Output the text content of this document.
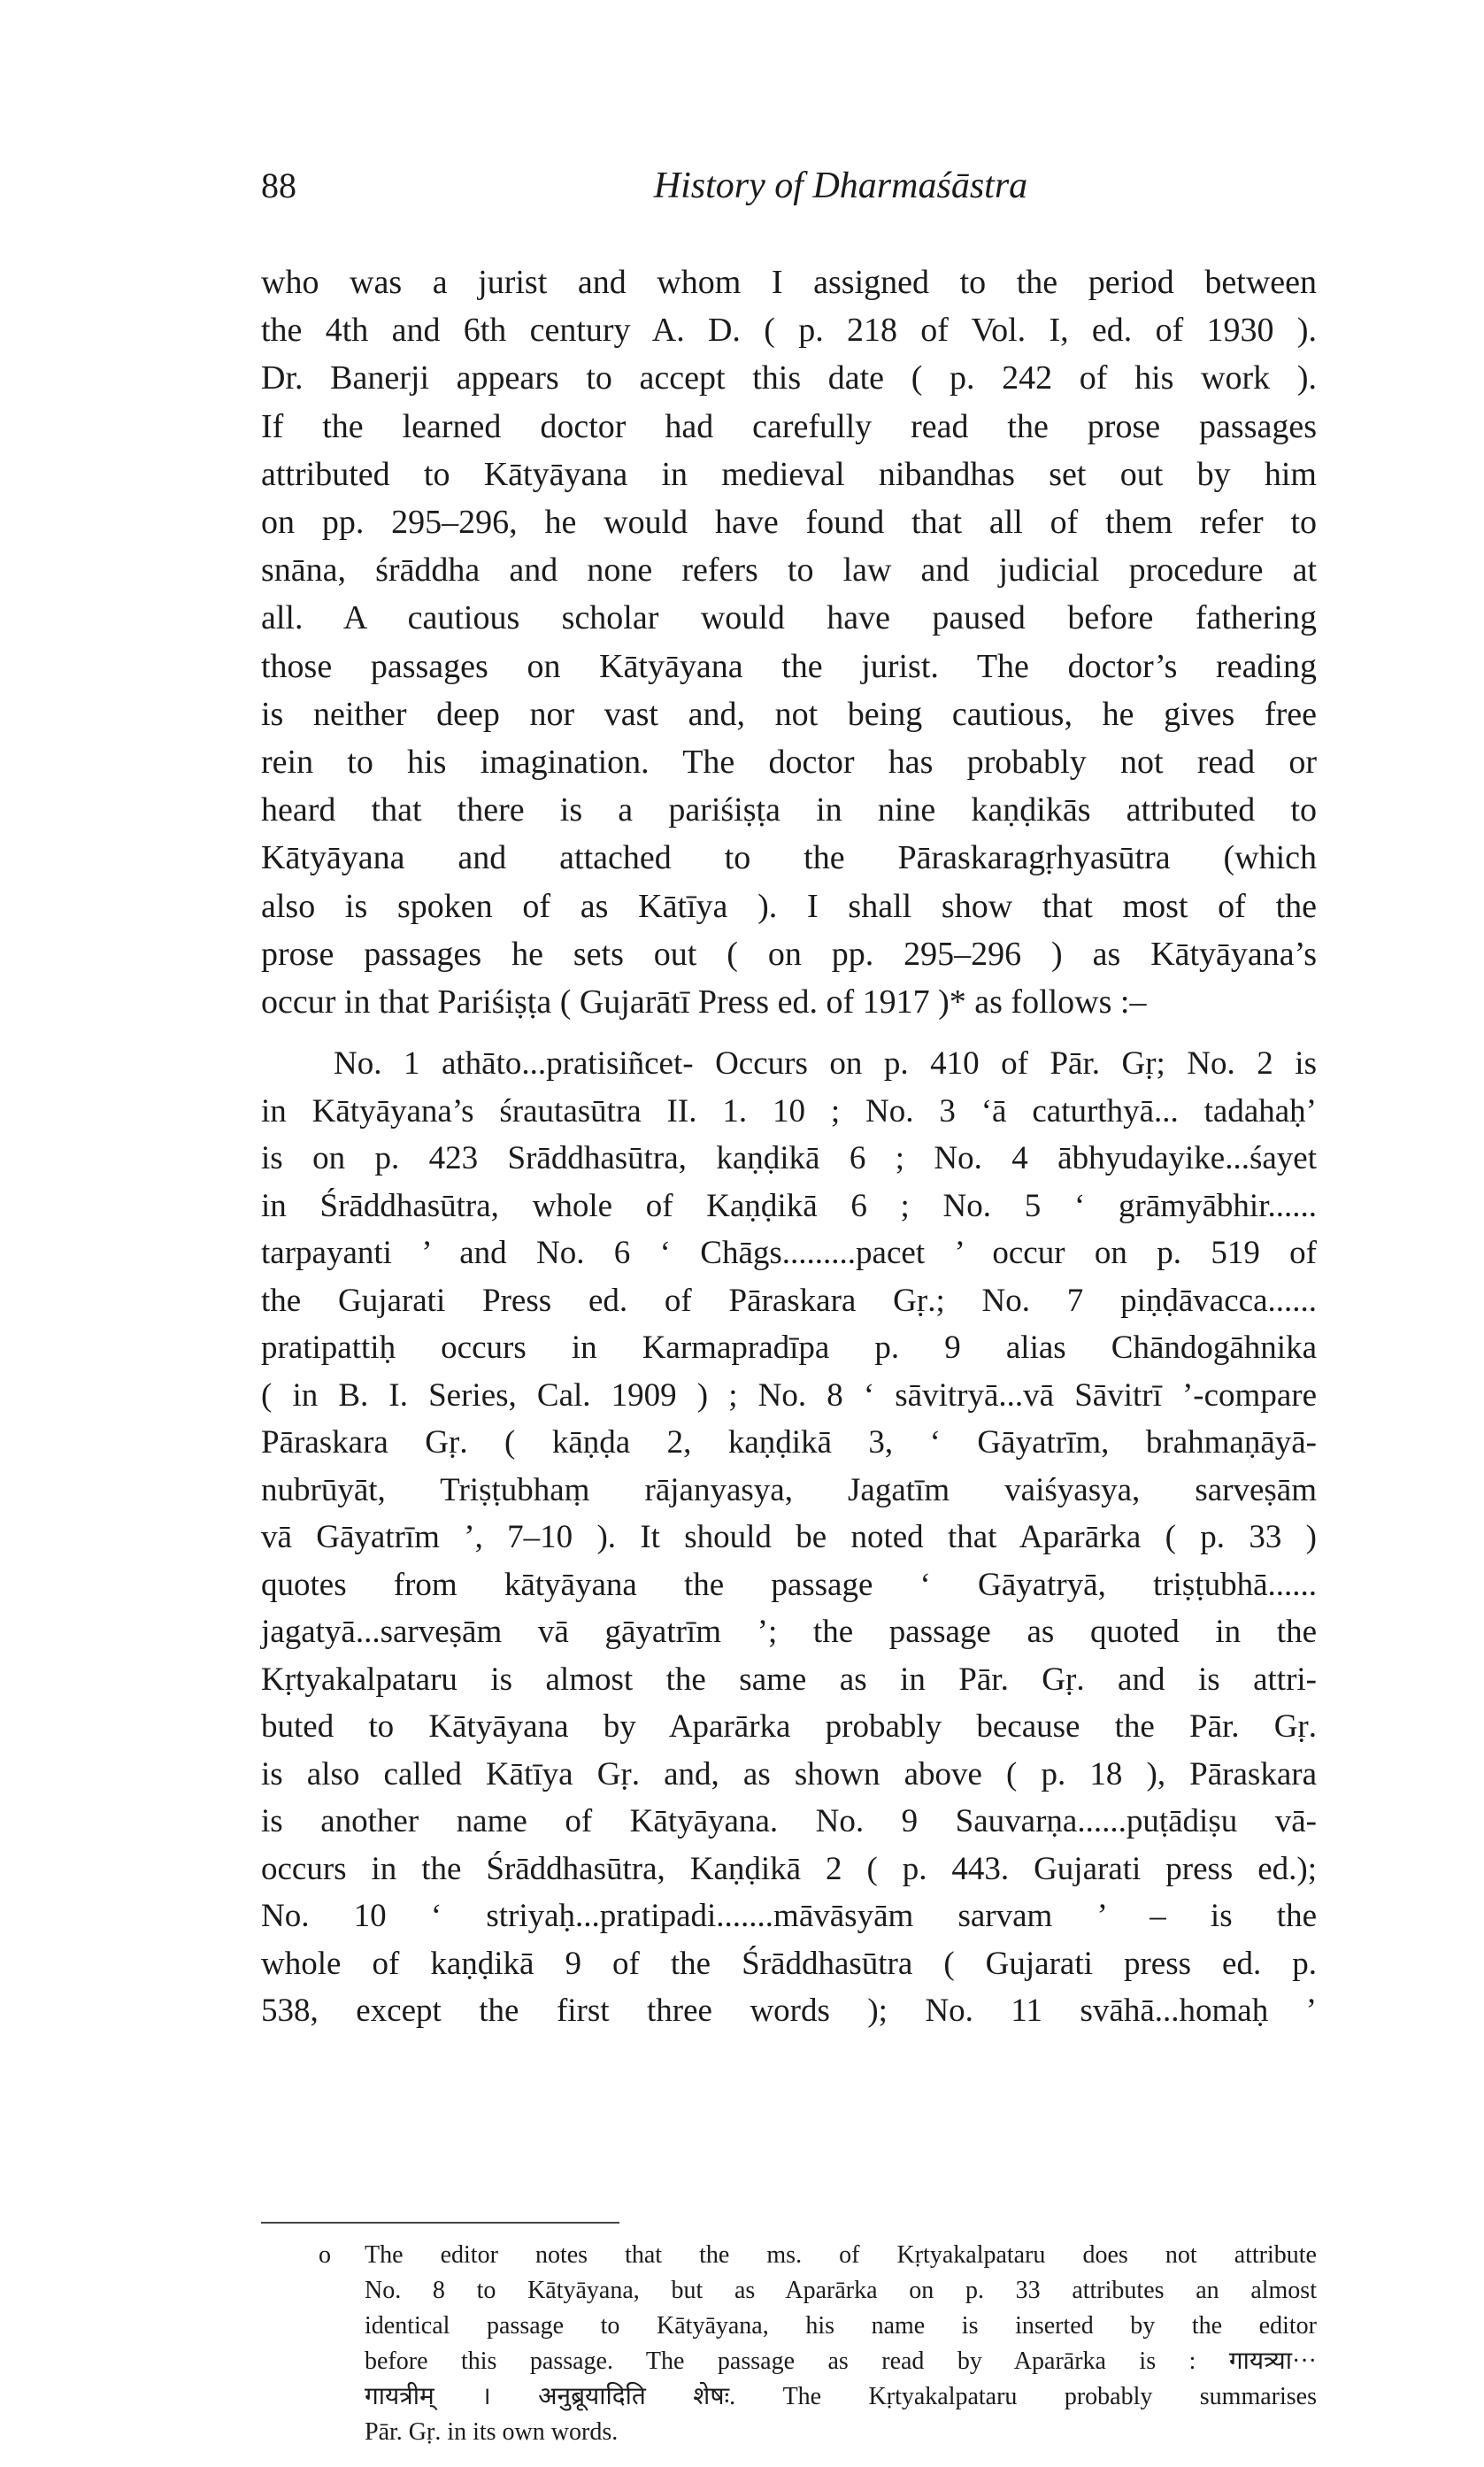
88	History of Dharmaśāstra

who was a jurist and whom I assigned to the period between
the 4th and 6th century A. D. ( p. 218 of Vol. I, ed. of 1930 ).
Dr. Banerji appears to accept this date ( p. 242 of his work ).
If the learned doctor had carefully read the prose passages
attributed to Kātyāyana in medieval nibandhas set out by him
on pp. 295–296, he would have found that all of them refer to
snāna, śrāddha and none refers to law and judicial procedure at
all. A cautious scholar would have paused before fathering
those passages on Kātyāyana the jurist. The doctor’s reading
is neither deep nor vast and, not being cautious, he gives free
rein to his imagination. The doctor has probably not read or
heard that there is a pariśiṣṭa in nine kaṇḍikās attributed to
Kātyāyana and attached to the Pāraskaragṛhyasūtra (which
also is spoken of as Kātīya ). I shall show that most of the
prose passages he sets out ( on pp. 295–296 ) as Kātyāyana’s
occur in that Pariśiṣṭa ( Gujarātī Press ed. of 1917 )* as follows :–

No. 1 athāto...pratisiñcet- Occurs on p. 410 of Pār. Gṛ; No. 2 is
in Kātyāyana’s śrautasūtra II. 1. 10 ; No. 3 ‘ā caturthyā... tadahaḥ’
is on p. 423 Srāddhasūtra, kaṇḍikā 6 ; No. 4 ābhyudayike...śayet
in Śrāddhasūtra, whole of Kaṇḍikā 6 ; No. 5 ‘ grāmyābhir......
tarpayanti ’ and No. 6 ‘ Chāgs.........pacet ’ occur on p. 519 of
the Gujarati Press ed. of Pāraskara Gṛ.; No. 7 piṇḍāvacca......
pratipattiḥ occurs in Karmapradīpa p. 9 alias Chāndogāhnika
( in B. I. Series, Cal. 1909 ) ; No. 8 ‘ sāvitryā...vā Sāvitrī ’-compare
Pāraskara Gṛ. ( kāṇḍa 2, kaṇḍikā 3, ‘ Gāyatrīm, brahmaṇāyā-
nubrūyāt, Triṣṭubhaṃ rājanyasya, Jagatīm vaiśyasya, sarveṣām
vā Gāyatrīm ’, 7–10 ). It should be noted that Aparārka ( p. 33 )
quotes from kātyāyana the passage ‘ Gāyatryā, triṣṭubhā......
jagatyā...sarveṣām vā gāyatrīm ’; the passage as quoted in the
Kṛtyakalpataru is almost the same as in Pār. Gṛ. and is attri-
buted to Kātyāyana by Aparārka probably because the Pār. Gṛ.
is also called Kātīya Gṛ. and, as shown above ( p. 18 ), Pāraskara
is another name of Kātyāyana. No. 9 Sauvarṇa......puṭādiṣu vā-
occurs in the Śrāddhasūtra, Kaṇḍikā 2 ( p. 443. Gujarati press ed.);
No. 10 ‘ striyaḥ...pratipadi.......māvāsyām sarvam ’ – is the
whole of kaṇḍikā 9 of the Śrāddhasūtra ( Gujarati press ed. p.
538, except the first three words ); No. 11 svāhā...homaḥ ’

o The editor notes that the ms. of Kṛtyakalpataru does not attribute
No. 8 to Kātyāyana, but as Aparārka on p. 33 attributes an almost
identical passage to Kātyāyana, his name is inserted by the editor
before this passage. The passage as read by Aparārka is : गायत्र्या···
गायत्रीम् । अनुब्रूयादिति शेषः. The Kṛtyakalpataru probably summarises
Pār. Gṛ. in its own words.
